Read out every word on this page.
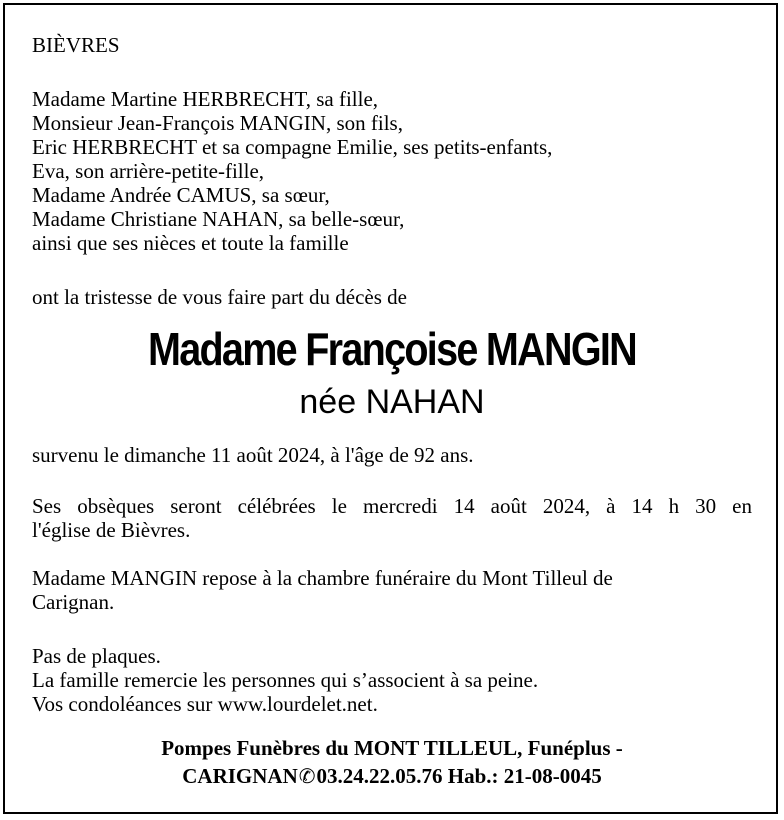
BIÈVRES
Madame Martine HERBRECHT, sa fille,
Monsieur Jean-François MANGIN, son fils,
Eric HERBRECHT et sa compagne Emilie, ses petits-enfants,
Eva, son arrière-petite-fille,
Madame Andrée CAMUS, sa sœur,
Madame Christiane NAHAN, sa belle-sœur,
ainsi que ses nièces et toute la famille
ont la tristesse de vous faire part du décès de
Madame Françoise MANGIN
née NAHAN
survenu le dimanche 11 août 2024, à l'âge de 92 ans.
Ses obsèques seront célébrées le mercredi 14 août 2024, à 14 h 30 en
l'église de Bièvres.
Madame MANGIN repose à la chambre funéraire du Mont Tilleul de
Carignan.
Pas de plaques.
La famille remercie les personnes qui s’associent à sa peine.
Vos condoléances sur www.lourdelet.net.
Pompes Funèbres du MONT TILLEUL, Funéplus -
CARIGNAN✆03.24.22.05.76 Hab.: 21-08-0045
